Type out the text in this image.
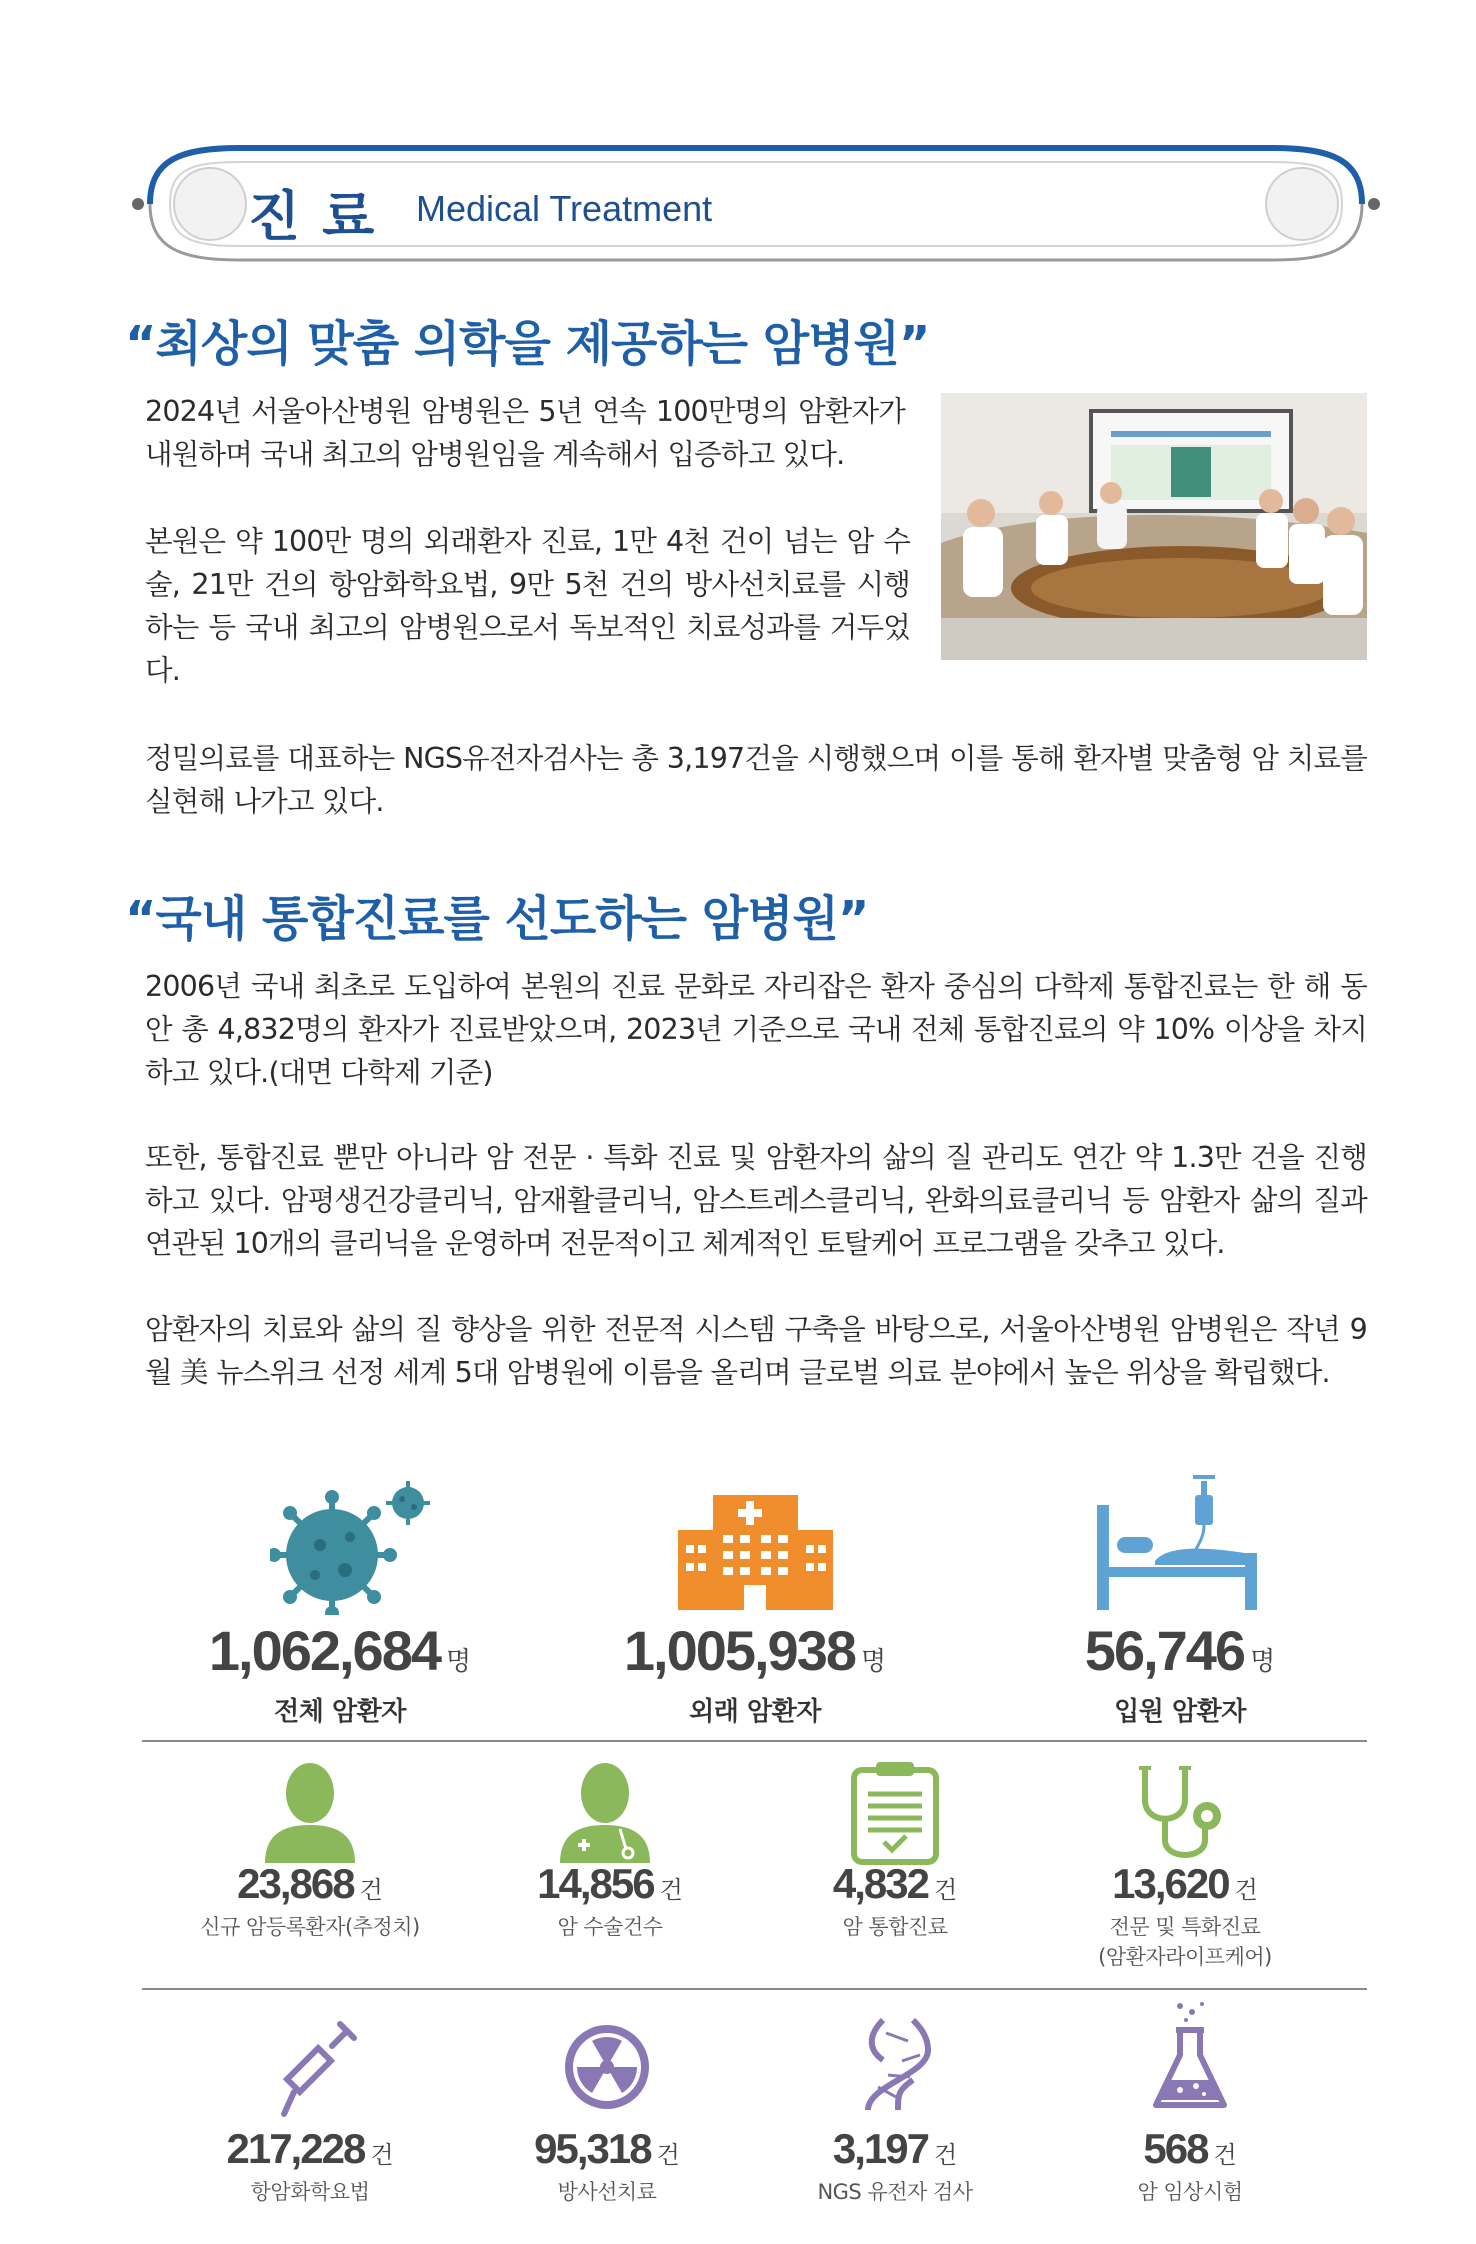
진료 Medical Treatment
“최상의 맞춤 의학을 제공하는 암병원”
2024년 서울아산병원 암병원은 5년 연속 100만명의 암환자가 내원하며 국내 최고의 암병원임을 계속해서 입증하고 있다.
본원은 약 100만 명의 외래환자 진료, 1만 4천 건이 넘는 암 수술, 21만 건의 항암화학요법, 9만 5천 건의 방사선치료를 시행하는 등 국내 최고의 암병원으로서 독보적인 치료성과를 거두었다.
정밀의료를 대표하는 NGS유전자검사는 총 3,197건을 시행했으며 이를 통해 환자별 맞춤형 암 치료를 실현해 나가고 있다.
“국내 통합진료를 선도하는 암병원”
2006년 국내 최초로 도입하여 본원의 진료 문화로 자리잡은 환자 중심의 다학제 통합진료는 한 해 동안 총 4,832명의 환자가 진료받았으며, 2023년 기준으로 국내 전체 통합진료의 약 10% 이상을 차지하고 있다.(대면 다학제 기준)
또한, 통합진료 뿐만 아니라 암 전문 · 특화 진료 및 암환자의 삶의 질 관리도 연간 약 1.3만 건을 진행하고 있다. 암평생건강클리닉, 암재활클리닉, 암스트레스클리닉, 완화의료클리닉 등 암환자 삶의 질과 연관된 10개의 클리닉을 운영하며 전문적이고 체계적인 토탈케어 프로그램을 갖추고 있다.
암환자의 치료와 삶의 질 향상을 위한 전문적 시스템 구축을 바탕으로, 서울아산병원 암병원은 작년 9월 美 뉴스위크 선정 세계 5대 암병원에 이름을 올리며 글로벌 의료 분야에서 높은 위상을 확립했다.
1,062,684 명
전체 암환자
1,005,938 명
외래 암환자
56,746 명
입원 암환자
23,868 건
신규 암등록환자(추정치)
14,856 건
암 수술건수
4,832 건
암 통합진료
13,620 건
전문 및 특화진료
(암환자라이프케어)
217,228 건
항암화학요법
95,318 건
방사선치료
3,197 건
NGS 유전자 검사
568 건
암 임상시험
